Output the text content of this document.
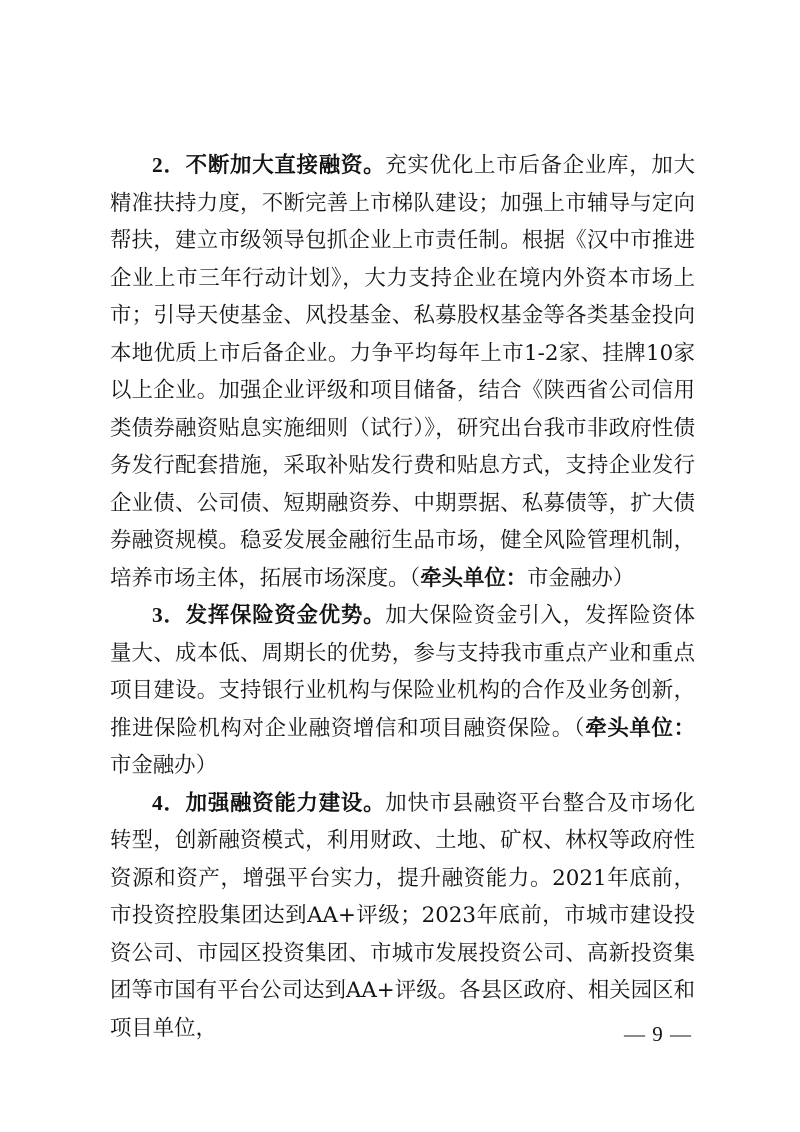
2．不断加大直接融资。充实优化上市后备企业库，加大精准扶持力度，不断完善上市梯队建设；加强上市辅导与定向帮扶，建立市级领导包抓企业上市责任制。根据《汉中市推进企业上市三年行动计划》，大力支持企业在境内外资本市场上市；引导天使基金、风投基金、私募股权基金等各类基金投向本地优质上市后备企业。力争平均每年上市1-2家、挂牌10家以上企业。加强企业评级和项目储备，结合《陕西省公司信用类债券融资贴息实施细则（试行）》，研究出台我市非政府性债务发行配套措施，采取补贴发行费和贴息方式，支持企业发行企业债、公司债、短期融资券、中期票据、私募债等，扩大债券融资规模。稳妥发展金融衍生品市场，健全风险管理机制，培养市场主体，拓展市场深度。（牵头单位：市金融办）

3．发挥保险资金优势。加大保险资金引入，发挥险资体量大、成本低、周期长的优势，参与支持我市重点产业和重点项目建设。支持银行业机构与保险业机构的合作及业务创新，推进保险机构对企业融资增信和项目融资保险。（牵头单位：市金融办）

4．加强融资能力建设。加快市县融资平台整合及市场化转型，创新融资模式，利用财政、土地、矿权、林权等政府性资源和资产，增强平台实力，提升融资能力。2021年底前，市投资控股集团达到AA+评级；2023年底前，市城市建设投资公司、市园区投资集团、市城市发展投资公司、高新投资集团等市国有平台公司达到AA+评级。各县区政府、相关园区和项目单位，	— 9 —
